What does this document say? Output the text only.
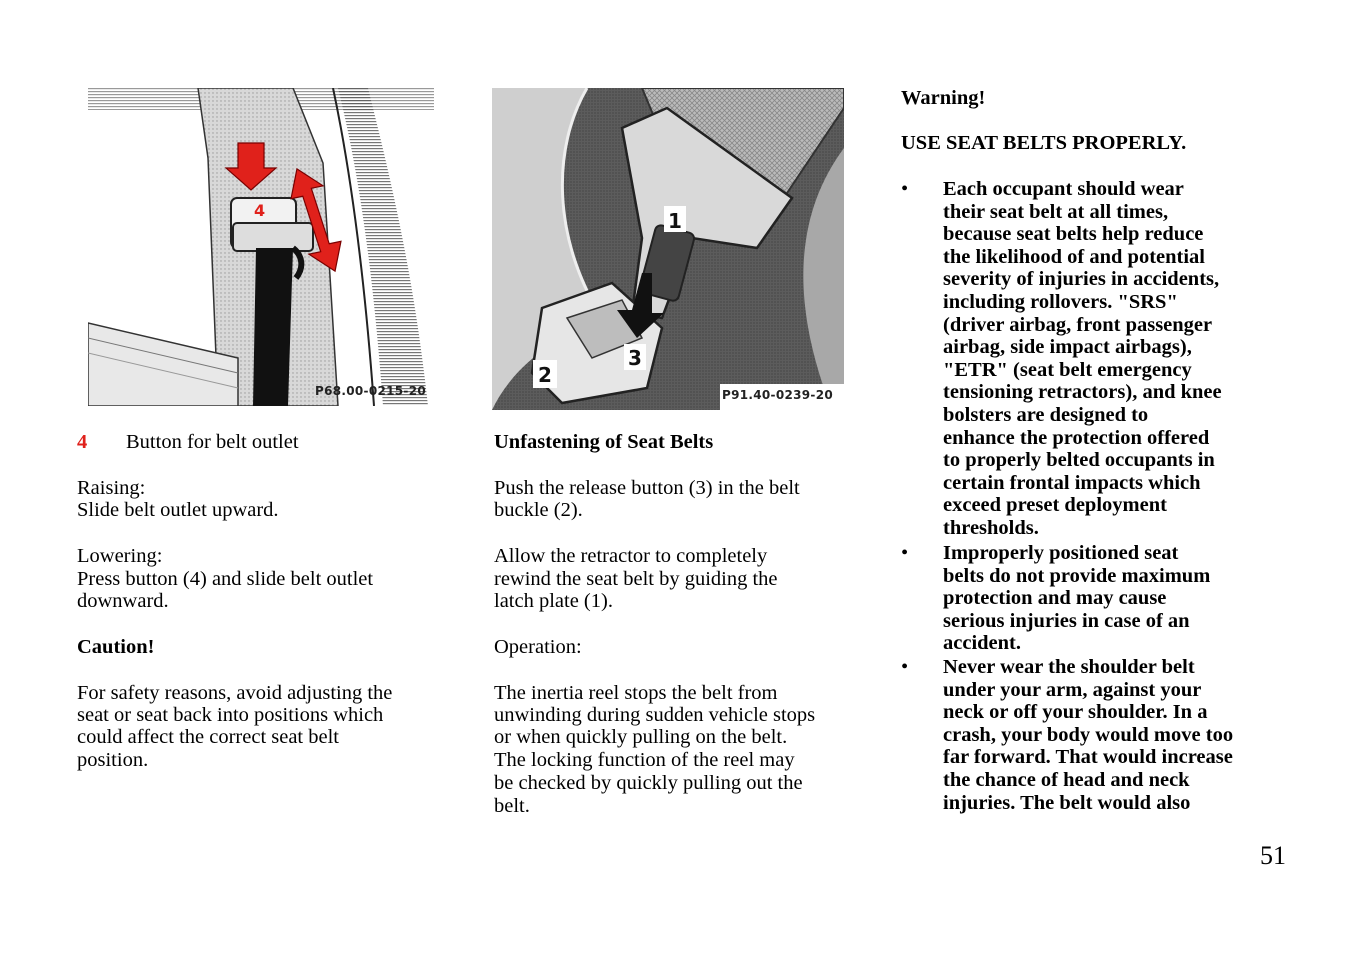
4
P68.00-0215-20
1
2
3
P91.40-0239-20
4 Button for belt outlet
Raising:
Slide belt outlet upward.
Lowering:
Press button (4) and slide belt outlet
downward.
Caution!
For safety reasons, avoid adjusting the
seat or seat back into positions which
could affect the correct seat belt
position.
Unfastening of Seat Belts
Push the release button (3) in the belt
buckle (2).
Allow the retractor to completely
rewind the seat belt by guiding the
latch plate (1).
Operation:
The inertia reel stops the belt from
unwinding during sudden vehicle stops
or when quickly pulling on the belt.
The locking function of the reel may
be checked by quickly pulling out the
belt.
Warning!
USE SEAT BELTS PROPERLY.
• Each occupant should wear
their seat belt at all times,
because seat belts help reduce
the likelihood of and potential
severity of injuries in accidents,
including rollovers. "SRS"
(driver airbag, front passenger
airbag, side impact airbags),
"ETR" (seat belt emergency
tensioning retractors), and knee
bolsters are designed to
enhance the protection offered
to properly belted occupants in
certain frontal impacts which
exceed preset deployment
thresholds.
• Improperly positioned seat
belts do not provide maximum
protection and may cause
serious injuries in case of an
accident.
• Never wear the shoulder belt
under your arm, against your
neck or off your shoulder. In a
crash, your body would move too
far forward. That would increase
the chance of head and neck
injuries. The belt would also
51
